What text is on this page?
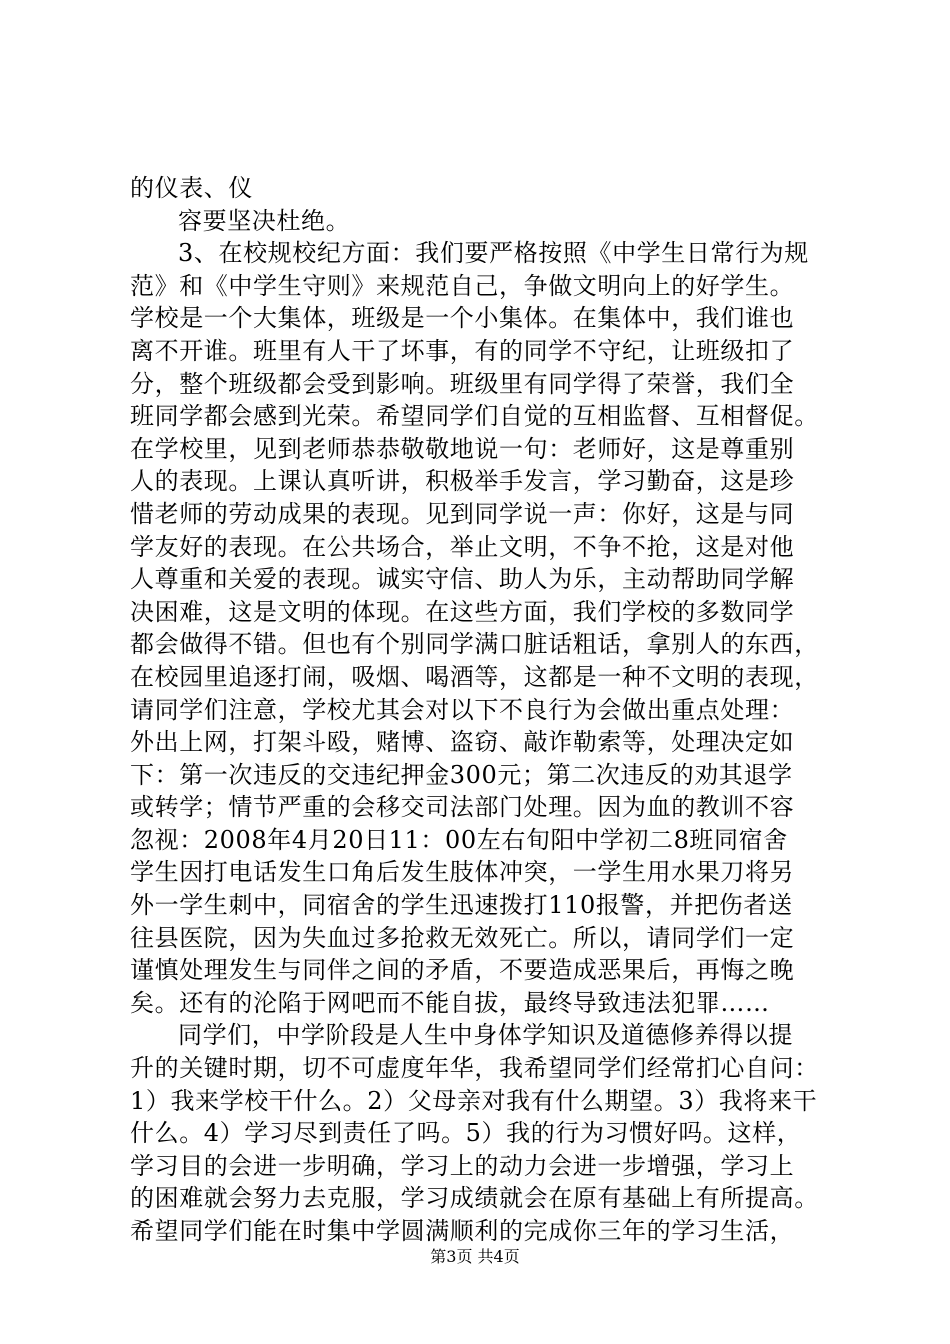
的仪表、仪
容要坚决杜绝。
3、在校规校纪方面：我们要严格按照《中学生日常行为规
范》和《中学生守则》来规范自己，争做文明向上的好学生。
学校是一个大集体，班级是一个小集体。在集体中，我们谁也
离不开谁。班里有人干了坏事，有的同学不守纪，让班级扣了
分，整个班级都会受到影响。班级里有同学得了荣誉，我们全
班同学都会感到光荣。希望同学们自觉的互相监督、互相督促。
在学校里，见到老师恭恭敬敬地说一句：老师好，这是尊重别
人的表现。上课认真听讲，积极举手发言，学习勤奋，这是珍
惜老师的劳动成果的表现。见到同学说一声：你好，这是与同
学友好的表现。在公共场合，举止文明，不争不抢，这是对他
人尊重和关爱的表现。诚实守信、助人为乐，主动帮助同学解
决困难，这是文明的体现。在这些方面，我们学校的多数同学
都会做得不错。但也有个别同学满口脏话粗话，拿别人的东西，
在校园里追逐打闹，吸烟、喝酒等，这都是一种不文明的表现，
请同学们注意，学校尤其会对以下不良行为会做出重点处理：
外出上网，打架斗殴，赌博、盗窃、敲诈勒索等，处理决定如
下：第一次违反的交违纪押金300元；第二次违反的劝其退学
或转学；情节严重的会移交司法部门处理。因为血的教训不容
忽视：2008年4月20日11：00左右旬阳中学初二8班同宿舍
学生因打电话发生口角后发生肢体冲突，一学生用水果刀将另
外一学生刺中，同宿舍的学生迅速拨打110报警，并把伤者送
往县医院，因为失血过多抢救无效死亡。所以，请同学们一定
谨慎处理发生与同伴之间的矛盾，不要造成恶果后，再悔之晚
矣。还有的沦陷于网吧而不能自拔，最终导致违法犯罪……
同学们，中学阶段是人生中身体学知识及道德修养得以提
升的关键时期，切不可虚度年华，我希望同学们经常扪心自问：
1）我来学校干什么。2）父母亲对我有什么期望。3）我将来干
什么。4）学习尽到责任了吗。5）我的行为习惯好吗。这样，
学习目的会进一步明确，学习上的动力会进一步增强，学习上
的困难就会努力去克服，学习成绩就会在原有基础上有所提高。
希望同学们能在时集中学圆满顺利的完成你三年的学习生活，
第3页 共4页
